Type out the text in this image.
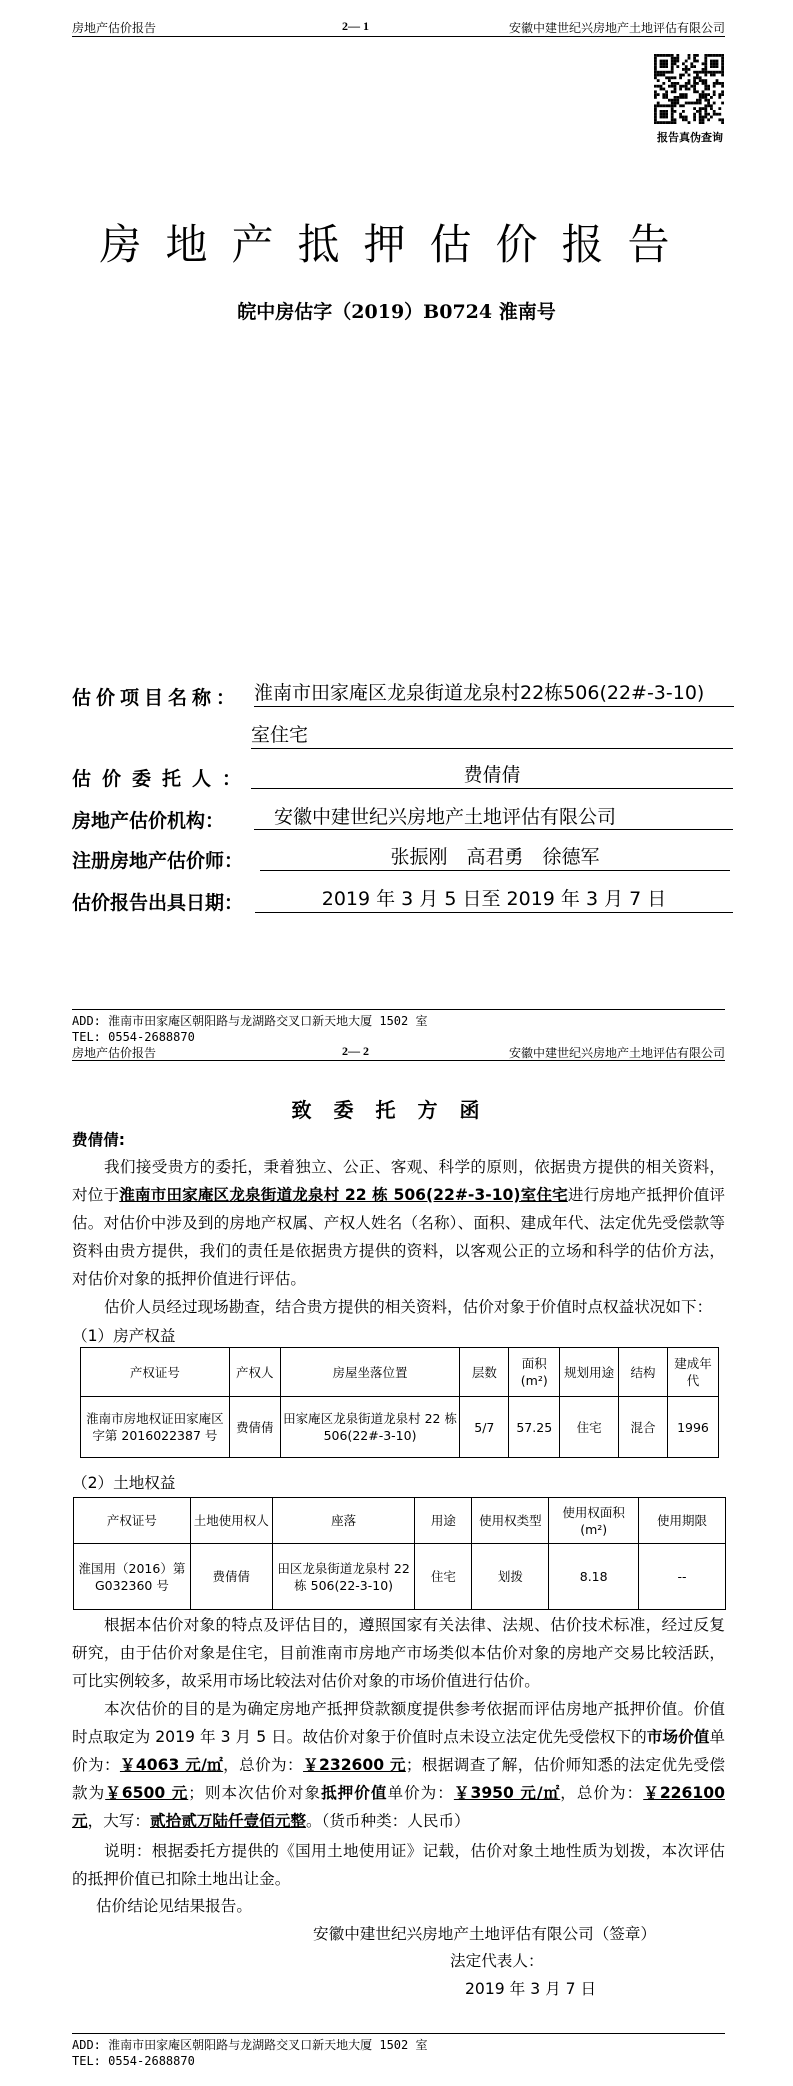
房地产估价报告	2— 1	安徽中建世纪兴房地产土地评估有限公司
报告真伪查询
房地产抵押估价报告
皖中房估字（2019）B0724 淮南号
估价项目名称： 淮南市田家庵区龙泉街道龙泉村22栋506(22#-3-10)
室住宅
估价委托人：	费倩倩
房地产估价机构：	安徽中建世纪兴房地产土地评估有限公司
注册房地产估价师：	张振刚　高君勇　徐德军
估价报告出具日期：	2019 年 3 月 5 日至 2019 年 3 月 7 日
ADD: 淮南市田家庵区朝阳路与龙湖路交叉口新天地大厦 1502 室
TEL: 0554-2688870
房地产估价报告	2— 2	安徽中建世纪兴房地产土地评估有限公司
致委托方函
费倩倩:
我们接受贵方的委托，秉着独立、公正、客观、科学的原则，依据贵方提供的相关资料，对位于淮南市田家庵区龙泉街道龙泉村 22 栋 506(22#-3-10)室住宅进行房地产抵押价值评估。对估价中涉及到的房地产权属、产权人姓名（名称）、面积、建成年代、法定优先受偿款等资料由贵方提供，我们的责任是依据贵方提供的资料，以客观公正的立场和科学的估价方法，对估价对象的抵押价值进行评估。
估价人员经过现场勘查，结合贵方提供的相关资料，估价对象于价值时点权益状况如下：
（1）房产权益
产权证号	产权人	房屋坐落位置	层数	面积(m²)	规划用途	结构	建成年代
淮南市房地权证田家庵区字第 2016022387 号	费倩倩	田家庵区龙泉街道龙泉村 22 栋 506(22#-3-10)	5/7	57.25	住宅	混合	1996
（2）土地权益
产权证号	土地使用权人	座落	用途	使用权类型	使用权面积(m²)	使用期限
淮国用（2016）第 G032360 号	费倩倩	田区龙泉街道龙泉村 22 栋 506(22-3-10)	住宅	划拨	8.18	--
根据本估价对象的特点及评估目的，遵照国家有关法律、法规、估价技术标准，经过反复研究，由于估价对象是住宅，目前淮南市房地产市场类似本估价对象的房地产交易比较活跃，可比实例较多，故采用市场比较法对估价对象的市场价值进行估价。
本次估价的目的是为确定房地产抵押贷款额度提供参考依据而评估房地产抵押价值。价值时点取定为 2019 年 3 月 5 日。故估价对象于价值时点未设立法定优先受偿权下的市场价值单价为：￥4063 元/㎡，总价为：￥232600 元；根据调查了解，估价师知悉的法定优先受偿款为￥6500 元；则本次估价对象抵押价值单价为：￥3950 元/㎡，总价为：￥226100 元，大写：贰拾贰万陆仟壹佰元整。（货币种类：人民币）
说明：根据委托方提供的《国用土地使用证》记载，估价对象土地性质为划拨，本次评估的抵押价值已扣除土地出让金。
估价结论见结果报告。
安徽中建世纪兴房地产土地评估有限公司（签章）
法定代表人：
2019 年 3 月 7 日
ADD: 淮南市田家庵区朝阳路与龙湖路交叉口新天地大厦 1502 室
TEL: 0554-2688870
